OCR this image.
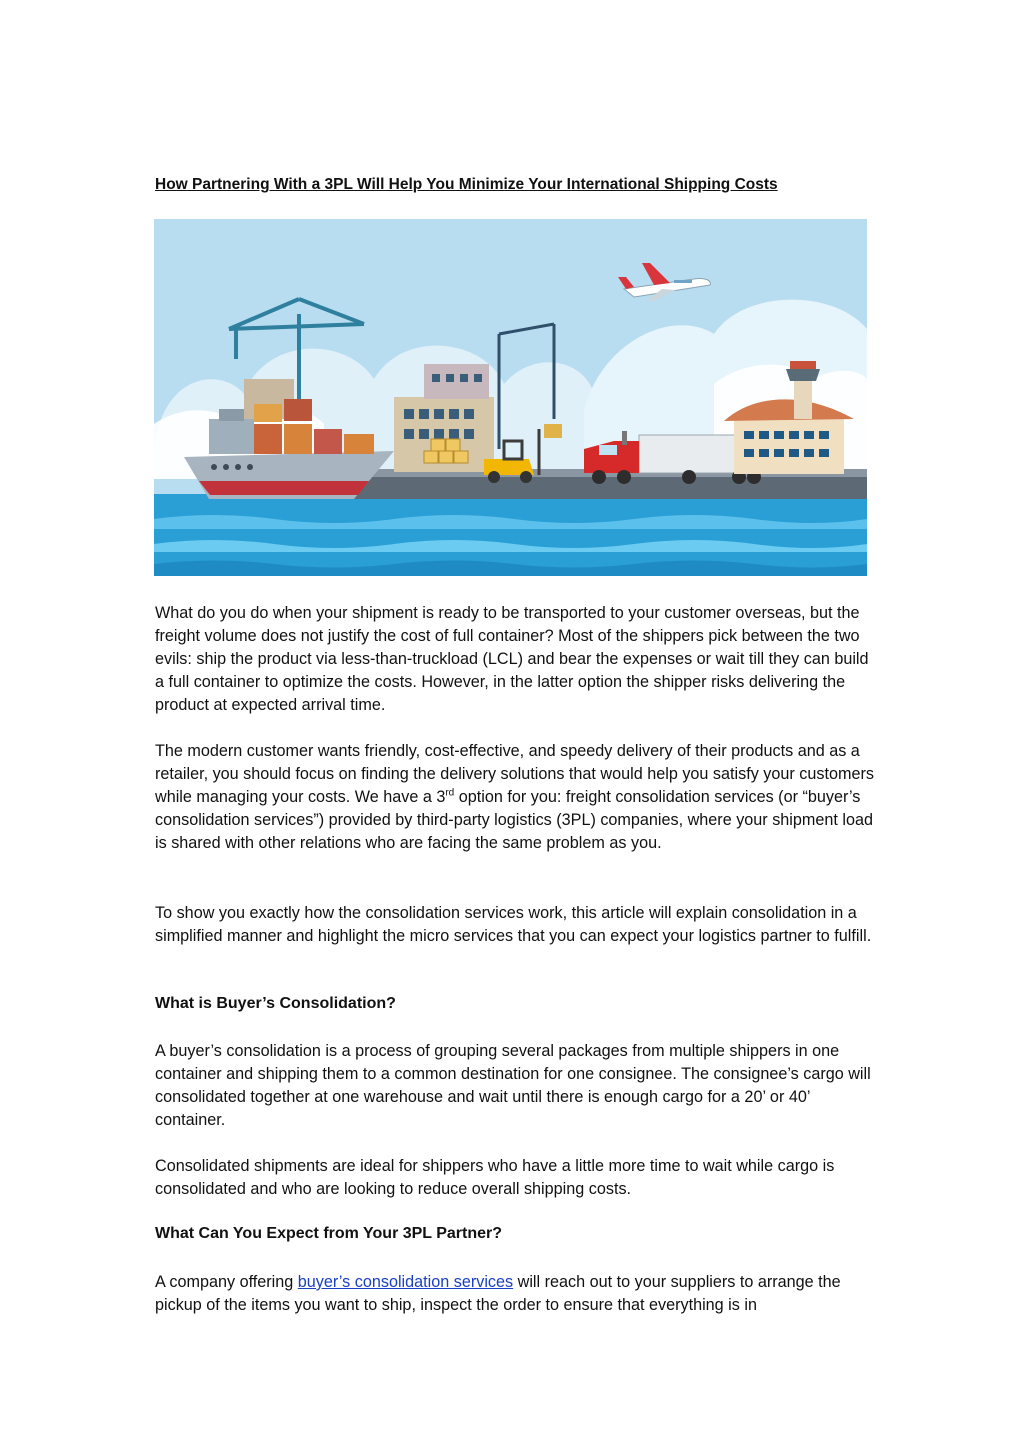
How Partnering With a 3PL Will Help You Minimize Your International Shipping Costs

What do you do when your shipment is ready to be transported to your customer overseas, but the freight volume does not justify the cost of full container? Most of the shippers pick between the two evils: ship the product via less-than-truckload (LCL) and bear the expenses or wait till they can build a full container to optimize the costs. However, in the latter option the shipper risks delivering the product at expected arrival time.

The modern customer wants friendly, cost-effective, and speedy delivery of their products and as a retailer, you should focus on finding the delivery solutions that would help you satisfy your customers while managing your costs. We have a 3rd option for you: freight consolidation services (or “buyer’s consolidation services”) provided by third-party logistics (3PL) companies, where your shipment load is shared with other relations who are facing the same problem as you.

To show you exactly how the consolidation services work, this article will explain consolidation in a simplified manner and highlight the micro services that you can expect your logistics partner to fulfill.

What is Buyer’s Consolidation?

A buyer’s consolidation is a process of grouping several packages from multiple shippers in one container and shipping them to a common destination for one consignee. The consignee’s cargo will consolidated together at one warehouse and wait until there is enough cargo for a 20’ or 40’ container.

Consolidated shipments are ideal for shippers who have a little more time to wait while cargo is consolidated and who are looking to reduce overall shipping costs.

What Can You Expect from Your 3PL Partner?

A company offering buyer’s consolidation services will reach out to your suppliers to arrange the pickup of the items you want to ship, inspect the order to ensure that everything is in
